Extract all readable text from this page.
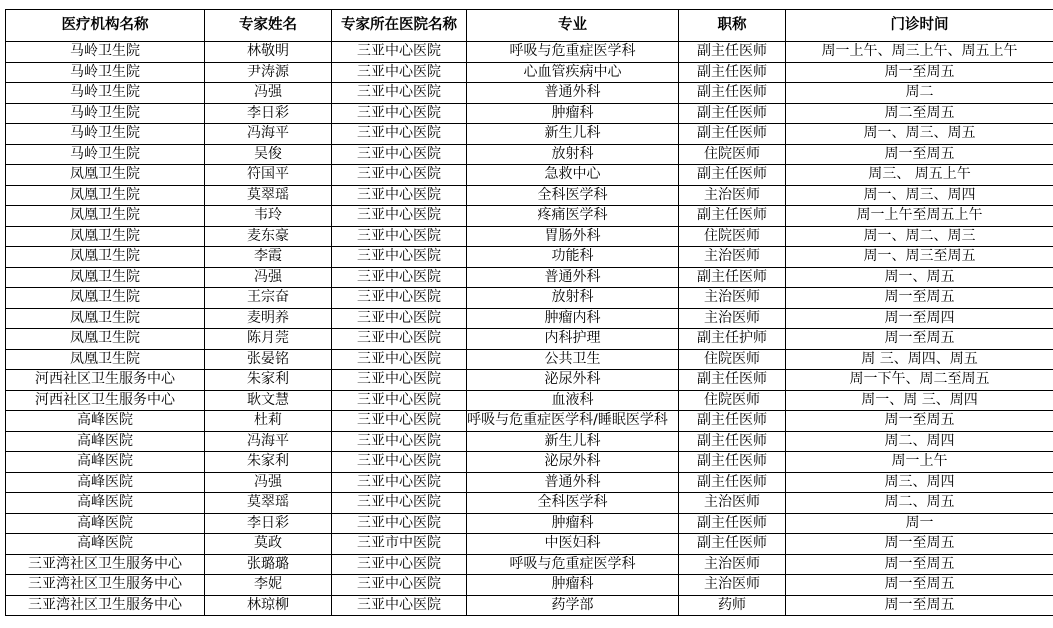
医疗机构名称	专家姓名	专家所在医院名称	专业	职称	门诊时间
马岭卫生院	林敬明	三亚中心医院	呼吸与危重症医学科	副主任医师	周一上午、周三上午、周五上午
马岭卫生院	尹涛源	三亚中心医院	心血管疾病中心	副主任医师	周一至周五
马岭卫生院	冯强	三亚中心医院	普通外科	副主任医师	周二
马岭卫生院	李日彩	三亚中心医院	肿瘤科	副主任医师	周二至周五
马岭卫生院	冯海平	三亚中心医院	新生儿科	副主任医师	周一、周三、周五
马岭卫生院	吴俊	三亚中心医院	放射科	住院医师	周一至周五
凤凰卫生院	符国平	三亚中心医院	急救中心	副主任医师	周三、 周五上午
凤凰卫生院	莫翠瑶	三亚中心医院	全科医学科	主治医师	周一、周三、周四
凤凰卫生院	韦玲	三亚中心医院	疼痛医学科	副主任医师	周一上午至周五上午
凤凰卫生院	麦东豪	三亚中心医院	胃肠外科	住院医师	周一、周二、周三
凤凰卫生院	李霞	三亚中心医院	功能科	主治医师	周一、周三至周五
凤凰卫生院	冯强	三亚中心医院	普通外科	副主任医师	周一、周五
凤凰卫生院	王宗奋	三亚中心医院	放射科	主治医师	周一至周五
凤凰卫生院	麦明养	三亚中心医院	肿瘤内科	主治医师	周一至周四
凤凰卫生院	陈月莞	三亚中心医院	内科护理	副主任护师	周一至周五
凤凰卫生院	张晏铭	三亚中心医院	公共卫生	住院医师	周 三、周四、周五
河西社区卫生服务中心	朱家利	三亚中心医院	泌尿外科	副主任医师	周一下午、周二至周五
河西社区卫生服务中心	耿文慧	三亚中心医院	血液科	住院医师	周一、周 三、周四
高峰医院	杜莉	三亚中心医院	呼吸与危重症医学科/睡眠医学科	副主任医师	周一至周五
高峰医院	冯海平	三亚中心医院	新生儿科	副主任医师	周二、周四
高峰医院	朱家利	三亚中心医院	泌尿外科	副主任医师	周一上午
高峰医院	冯强	三亚中心医院	普通外科	副主任医师	周三、周四
高峰医院	莫翠瑶	三亚中心医院	全科医学科	主治医师	周二、周五
高峰医院	李日彩	三亚中心医院	肿瘤科	副主任医师	周一
高峰医院	莫政	三亚市中医院	中医妇科	副主任医师	周一至周五
三亚湾社区卫生服务中心	张璐璐	三亚中心医院	呼吸与危重症医学科	主治医师	周一至周五
三亚湾社区卫生服务中心	李妮	三亚中心医院	肿瘤科	主治医师	周一至周五
三亚湾社区卫生服务中心	林琼柳	三亚中心医院	药学部	药师	周一至周五
